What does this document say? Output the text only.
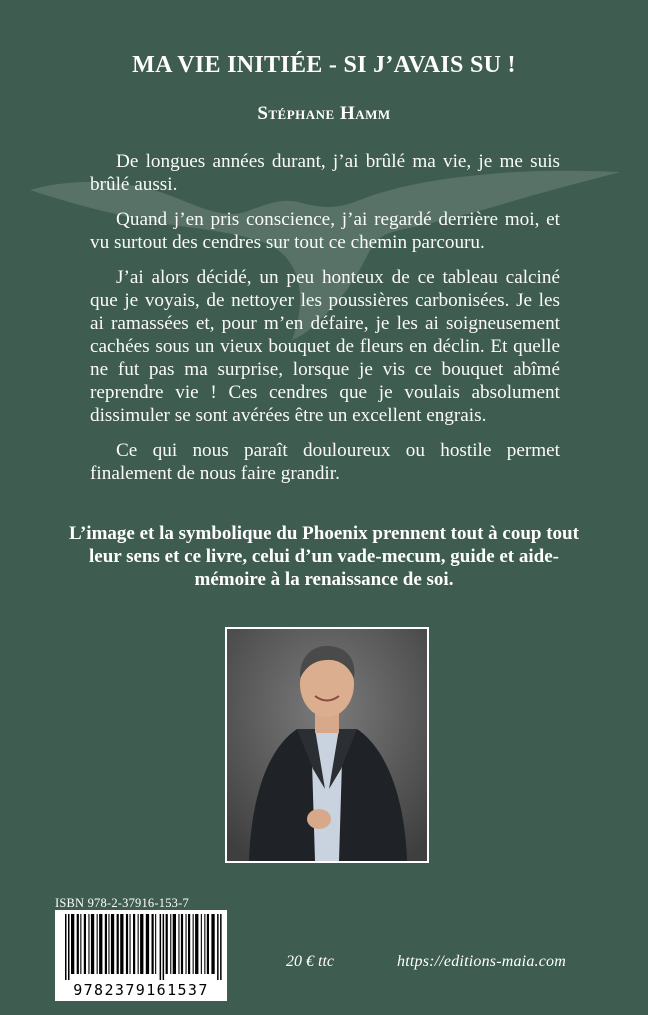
MA VIE INITIÉE - SI J’AVAIS SU !
Stéphane Hamm

De longues années durant, j’ai brûlé ma vie, je me suis brûlé aussi.

Quand j’en pris conscience, j’ai regardé derrière moi, et vu surtout des cendres sur tout ce chemin parcouru.

J’ai alors décidé, un peu honteux de ce tableau calciné que je voyais, de nettoyer les poussières carbonisées. Je les ai ramassées et, pour m’en défaire, je les ai soigneusement cachées sous un vieux bouquet de fleurs en déclin. Et quelle ne fut pas ma surprise, lorsque je vis ce bouquet abîmé reprendre vie ! Ces cendres que je voulais absolument dissimuler se sont avérées être un excellent engrais.

Ce qui nous paraît douloureux ou hostile permet finalement de nous faire grandir.

L’image et la symbolique du Phoenix prennent tout à coup tout leur sens et ce livre, celui d’un vade-mecum, guide et aide-mémoire à la renaissance de soi.
ISBN 978-2-37916-153-7
9782379161537
20 € ttc	https://editions-maia.com
